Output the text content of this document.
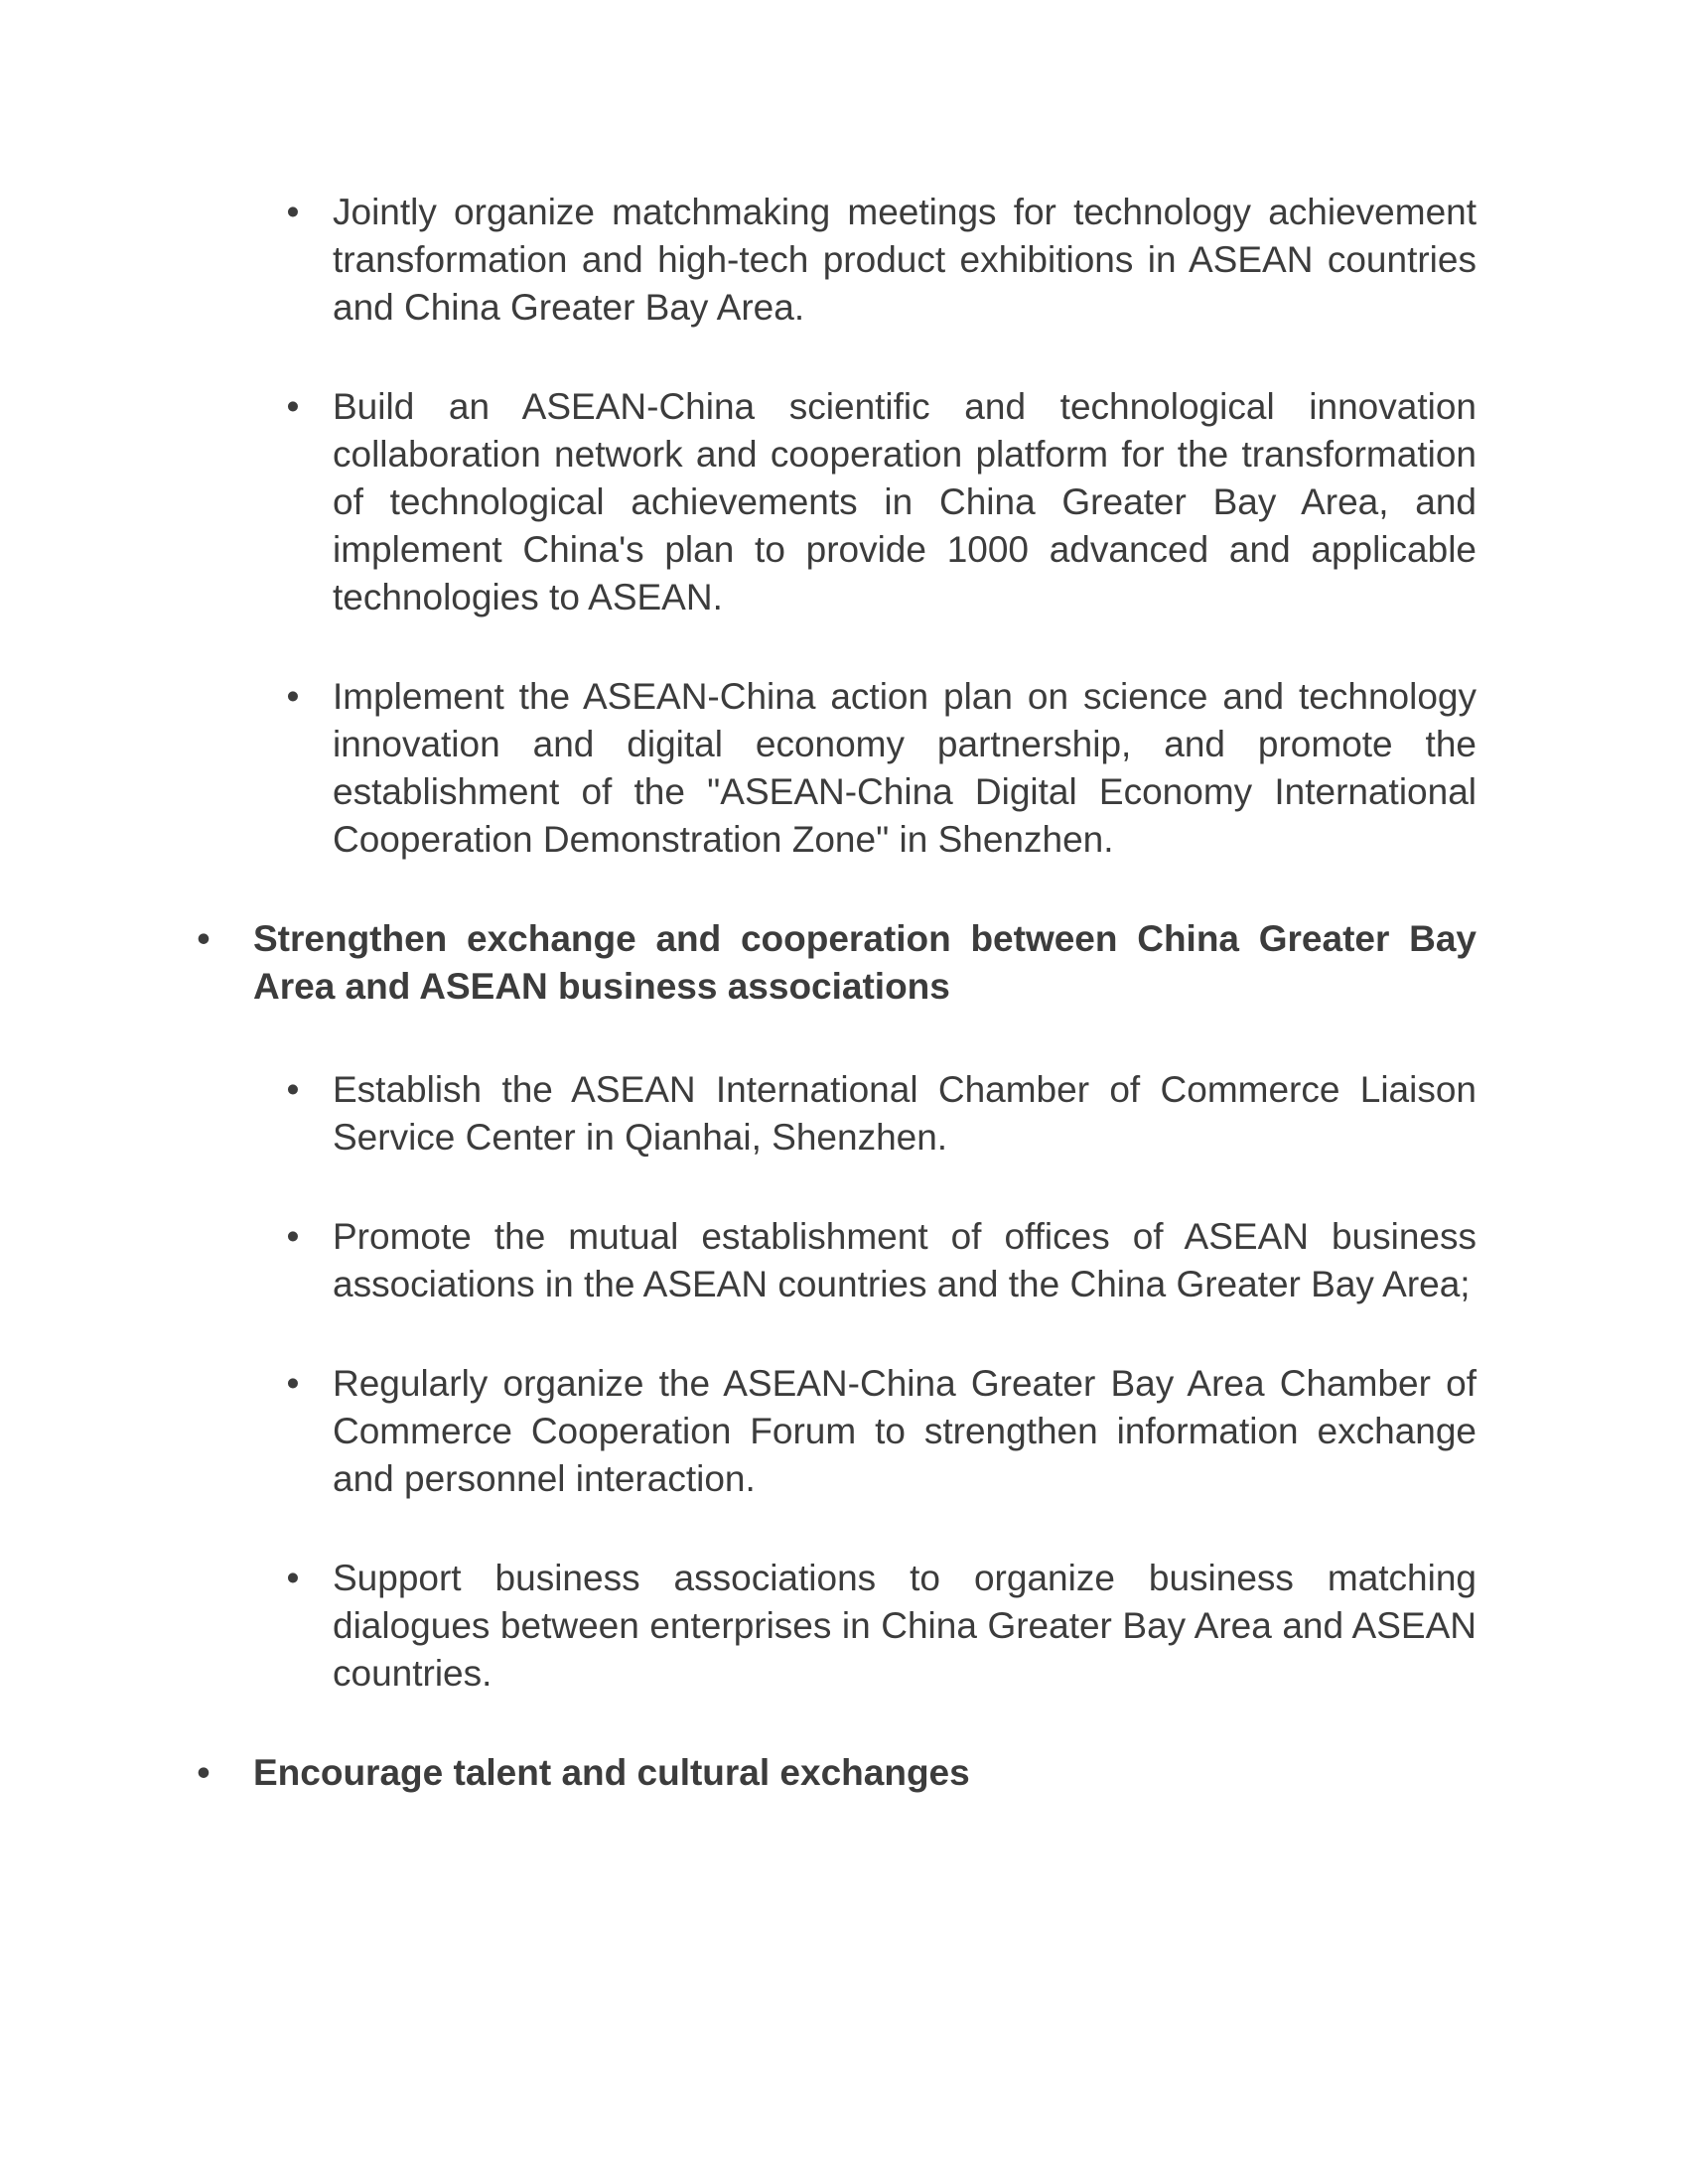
• Jointly organize matchmaking meetings for technology achievement transformation and high-tech product exhibitions in ASEAN countries and China Greater Bay Area.
• Build an ASEAN-China scientific and technological innovation collaboration network and cooperation platform for the transformation of technological achievements in China Greater Bay Area, and implement China's plan to provide 1000 advanced and applicable technologies to ASEAN.
• Implement the ASEAN-China action plan on science and technology innovation and digital economy partnership, and promote the establishment of the "ASEAN-China Digital Economy International Cooperation Demonstration Zone" in Shenzhen.
•	Strengthen exchange and cooperation between China Greater Bay Area and ASEAN business associations
• Establish the ASEAN International Chamber of Commerce Liaison Service Center in Qianhai, Shenzhen.
• Promote the mutual establishment of offices of ASEAN business associations in the ASEAN countries and the China Greater Bay Area;
• Regularly organize the ASEAN-China Greater Bay Area Chamber of Commerce Cooperation Forum to strengthen information exchange and personnel interaction.
• Support business associations to organize business matching dialogues between enterprises in China Greater Bay Area and ASEAN countries.
•	Encourage talent and cultural exchanges
